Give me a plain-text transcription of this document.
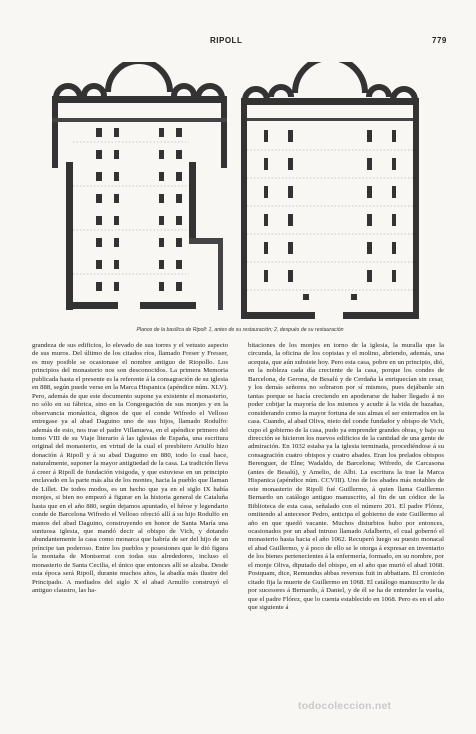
RIPOLL	779
Planos de la basílica de Ripoll: 1, antes de su restauración; 2, después de su restauración

grandeza de sus edificios, lo elevado de sus torres y el vetusto aspecto de sus muros. Del último de los citados ríos, llamado Freser y Fresser, es muy posible se ocasionase el nombre antiguo de Riopollo. Los principios del monasterio nos son desconocidos. La primera Memoria publicada hasta el presente es la referente á la consagración de su iglesia en 888, según puede verse en la Marca Hispanica (apéndice núm. XLV). Pero, además de que este documento supone ya existente el monasterio, no sólo en su fábrica, sino en la Congregación de sus monjes y en la observancia monástica, dignos de que el conde Wifredo el Velloso entregase ya al abad Daguino uno de sus hijos, llamado Rodulfo: además de esto, nos trae el padre Villanueva, en el apéndice primero del tomo VIII de su Viaje literario á las iglesias de España, una escritura original del monasterio, en virtud de la cual el presbítero Ariulfo hizo donación á Ripoll y á su abad Daguino en 880, todo lo cual hace, naturalmente, suponer la mayor antigüedad de la casa. La tradición lleva á creer á Ripoll de fundación visigoda, y que estuviese en un principio enclavado en la parte más alta de los montes, hacia la pueblo que llaman de Lillet. De todos modos, es un hecho que ya en el siglo IX había monjes, si bien no empezó á figurar en la historia general de Cataluña hasta que en el año 880, según dejamos apuntado, el héroe y legendario conde de Barcelona Wifredo el Velloso ofreció allí á su hijo Rodulfo en manos del abad Daguino, construyendo en honor de Santa María una suntuosa iglesia, que mandó decir al obispo de Vich, y dotando abundantemente la casa como monarca que habría de ser del hijo de un príncipe tan poderoso. Entre los pueblos y posesiones que le dió figura la montaña de Montserrat con todas sus alrededores, incluso el monasterio de Santa Cecilia, el único que entonces allí se alzaba. Desde esta época será Ripoll, durante muchos años, la abadía más ilustre del Principado. A mediados del siglo X el abad Arnulfo construyó el antiguo claustro, las ha-

bitaciones de los monjes en torno de la iglesia, la muralla que la circunda, la oficina de los copistas y el molino, abriendo, además, una acequia, que aún subsiste hoy. Pero esta casa, pobre en un principio, dió, en la nobleza cada día creciente de la casa, porque los condes de Barcelona, de Gerona, de Besalú y de Cerdaña la enriquecían sin cesar, y los demás señores no sobraron por sí mismos, pues dejábanle sin tantas porque se hacía creciendo en apoderarse de haber llegado á no poder cobijar la mayoría de los mismos y acudir á la vida de hazañas, considerando como la mayor fortuna de sus almas el ser enterrados en la casa. Cuando, al abad Oliva, nieto del conde fundador y obispo de Vich, cupo el gobierno de la casa, pudo ya emprender grandes obras, y bajo su dirección se hicieron los nuevos edificios de la cantidad de una gente de admiración. En 1032 estaba ya la iglesia terminada, procediéndose á su consagración cuatro obispos y cuatro abades. Eran los prelados obispos Berenguer, de Elne; Wadaldo, de Barcelona; Wifredo, de Carcasona (antes de Besalú), y Amelio, de Albi. La escritura la trae la Marca Hispanica (apéndice núm. CCVIII). Uno de los abades más notables de este monasterio de Ripoll fué Guillermo, á quien llama Guillermo Bernardo un catálogo antiguo manuscrito, al fin de un códice de la Biblioteca de esta casa, señalado con el número 201. El padre Flórez, omitiendo al antecesor Pedro, anticipa el gobierno de este Guillermo al año en que quedó vacante. Muchos disturbios hubo por entonces, ocasionados por un abad intruso llamado Adalberto, el cual gobernó el monasterio hasta hacia el año 1062. Recuperó luego su puesto monacal el abad Guillermo, y á poco de ello se le otorga á expresar en inventario de los bienes pertenecientes á la enfermería, formado, en su nombre, por el monje Oliva, diputado del obispo, en el año que murió el abad 1068. Postquam, dice, Remundus abbas reversus fuit in abbatiam. El cronicón citado fija la muerte de Guillermo en 1068. El catálogo manuscrito le da por sucesores á Bernardo, á Daniel, y de él se ha de entender la vuelta, que el padre Flórez, que lo cuenta establecido en 1068. Pero es en el año que siguiente á

todocoleccion.net
